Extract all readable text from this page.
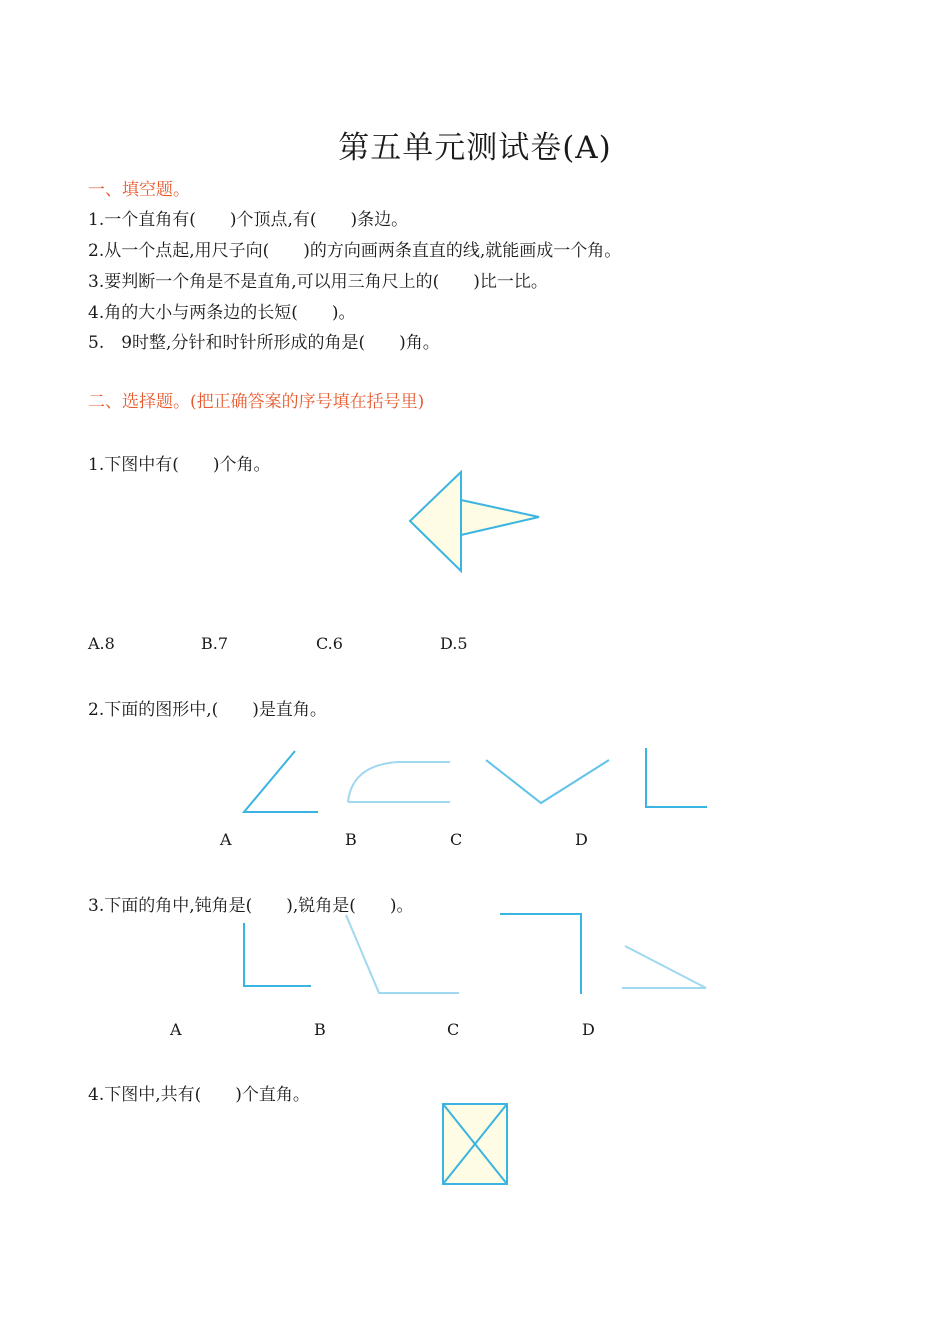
第五单元测试卷(A)
一、填空题。
1.一个直角有(　　)个顶点,有(　　)条边。
2.从一个点起,用尺子向(　　)的方向画两条直直的线,就能画成一个角。
3.要判断一个角是不是直角,可以用三角尺上的(　　)比一比。
4.角的大小与两条边的长短(　　)。
5.　9时整,分针和时针所形成的角是(　　)角。
二、选择题。(把正确答案的序号填在括号里)
1.下图中有(　　)个角。
A.8	B.7	C.6	D.5
2.下面的图形中,(　　)是直角。
A	B	C	D
3.下面的角中,钝角是(　　),锐角是(　　)。
A	B	C	D
4.下图中,共有(　　)个直角。
